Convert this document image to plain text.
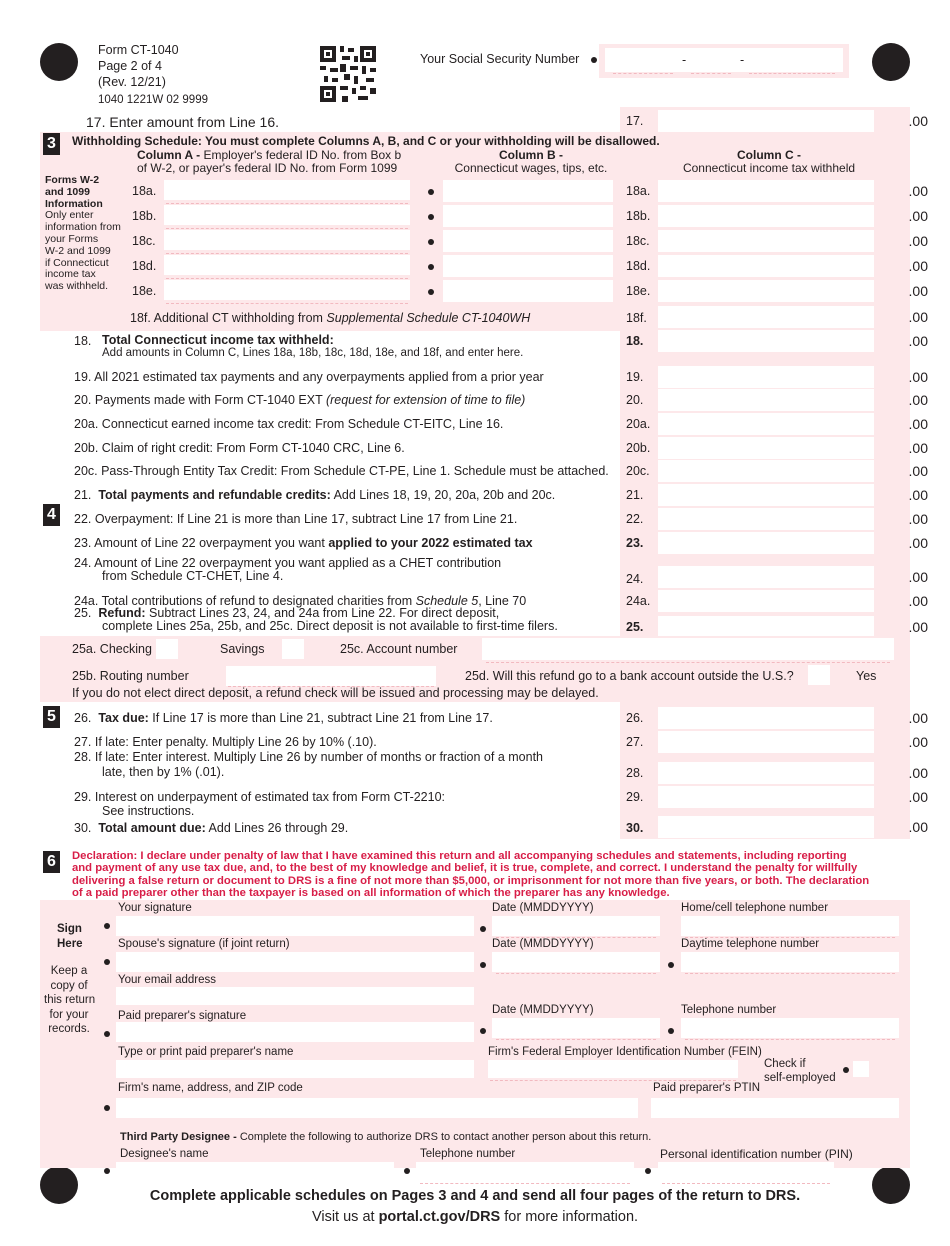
Form CT-1040
Page 2 of 4
(Rev. 12/21)
1040 1221W 02 9999
Your Social Security Number	-	-
17. Enter amount from Line 16.	17.	.00
3	Withholding Schedule: You must complete Columns A, B, and C or your withholding will be disallowed.
Column A - Employer's federal ID No. from Box b
of W-2, or payer's federal ID No. from Form 1099
Column B -
Connecticut wages, tips, etc.
Column C -
Connecticut income tax withheld
Forms W-2
and 1099
Information
Only enter
information from
your Forms
W-2 and 1099
if Connecticut
income tax
was withheld.
18a.	18a.	.00
18b.	18b.	.00
18c.	18c.	.00
18d.	18d.	.00
18e.	18e.	.00
18f. Additional CT withholding from Supplemental Schedule CT-1040WH	18f.	.00
18. Total Connecticut income tax withheld:
Add amounts in Column C, Lines 18a, 18b, 18c, 18d, 18e, and 18f, and enter here.
18.	.00
19. All 2021 estimated tax payments and any overpayments applied from a prior year	19.	.00
20. Payments made with Form CT-1040 EXT (request for extension of time to file)	20.	.00
20a. Connecticut earned income tax credit: From Schedule CT-EITC, Line 16.	20a.	.00
20b. Claim of right credit: From Form CT-1040 CRC, Line 6.	20b.	.00
20c. Pass-Through Entity Tax Credit: From Schedule CT-PE, Line 1. Schedule must be attached. 20c.	.00
21. Total payments and refundable credits: Add Lines 18, 19, 20, 20a, 20b and 20c.	21.	.00
4	22. Overpayment: If Line 21 is more than Line 17, subtract Line 17 from Line 21.	22.	.00
23. Amount of Line 22 overpayment you want applied to your 2022 estimated tax	23.	.00
24. Amount of Line 22 overpayment you want applied as a CHET contribution
from Schedule CT-CHET, Line 4.	24.	.00
24a. Total contributions of refund to designated charities from Schedule 5, Line 70	24a.	.00
25. Refund: Subtract Lines 23, 24, and 24a from Line 22. For direct deposit,
complete Lines 25a, 25b, and 25c. Direct deposit is not available to first-time filers.	25.	.00
25a. Checking	Savings	25c. Account number
25b. Routing number	25d. Will this refund go to a bank account outside the U.S.?	Yes
If you do not elect direct deposit, a refund check will be issued and processing may be delayed.
5	26. Tax due: If Line 17 is more than Line 21, subtract Line 21 from Line 17.	26.	.00
27. If late: Enter penalty. Multiply Line 26 by 10% (.10).	27.	.00
28. If late: Enter interest. Multiply Line 26 by number of months or fraction of a month
late, then by 1% (.01).	28.	.00
29. Interest on underpayment of estimated tax from Form CT-2210:
See instructions.
29.	.00
30. Total amount due: Add Lines 26 through 29.	30.	.00
6	Declaration: I declare under penalty of law that I have examined this return and all accompanying schedules and statements, including reporting
and payment of any use tax due, and, to the best of my knowledge and belief, it is true, complete, and correct. I understand the penalty for willfully
delivering a false return or document to DRS is a fine of not more than $5,000, or imprisonment for not more than five years, or both. The declaration
of a paid preparer other than the taxpayer is based on all information of which the preparer has any knowledge.
Sign
Here
Keep a
copy of
this return
for your
records.
Your signature	Date (MMDDYYYY)	Home/cell telephone number
Spouse's signature (if joint return)	Date (MMDDYYYY)	Daytime telephone number
Your email address
Paid preparer's signature	Date (MMDDYYYY)	Telephone number
Type or print paid preparer's name	Firm's Federal Employer Identification Number (FEIN)
Check if
self-employed
Firm's name, address, and ZIP code	Paid preparer's PTIN
Third Party Designee - Complete the following to authorize DRS to contact another person about this return.
Designee's name	Telephone number	Personal identification number (PIN)
Complete applicable schedules on Pages 3 and 4 and send all four pages of the return to DRS.
Visit us at portal.ct.gov/DRS for more information.
